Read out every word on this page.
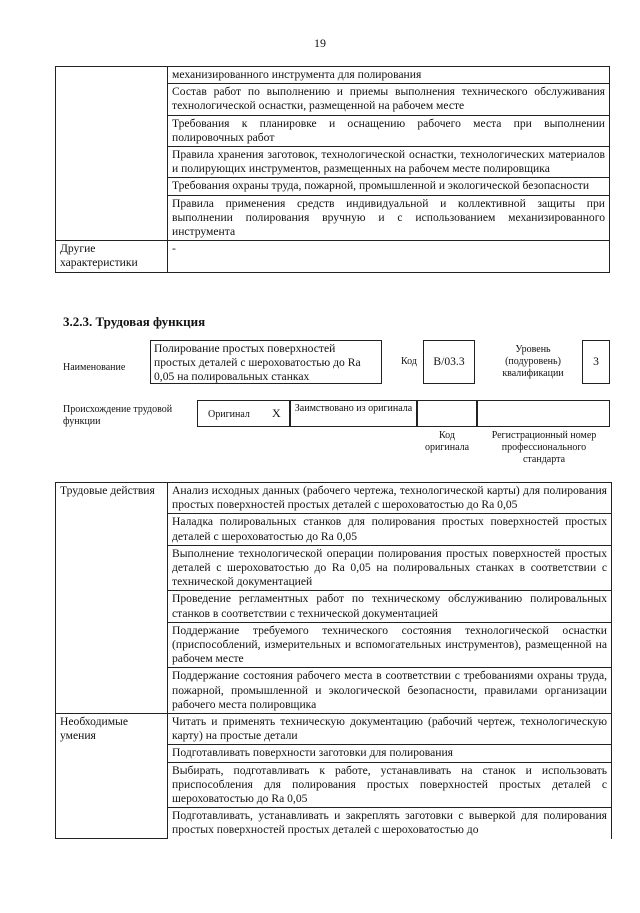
19
	механизированного инструмента для полирования
	Состав работ по выполнению и приемы выполнения технического обслуживания технологической оснастки, размещенной на рабочем месте
	Требования к планировке и оснащению рабочего места при выполнении полировочных работ
	Правила хранения заготовок, технологической оснастки, технологических материалов и полирующих инструментов, размещенных на рабочем месте полировщика
	Требования охраны труда, пожарной, промышленной и экологической безопасности
	Правила применения средств индивидуальной и коллективной защиты при выполнении полирования вручную и с использованием механизированного инструмента
Другие характеристики	-
3.2.3. Трудовая функция
Наименование
Полирование простых поверхностей простых деталей с шероховатостью до Ra 0,05 на полировальных станках
Код	В/03.3
Уровень (подуровень) квалификации
3
Происхождение трудовой функции
Оригинал X	Заимствовано из оригинала
Код оригинала
Регистрационный номер профессионального стандарта
Трудовые действия	Анализ исходных данных (рабочего чертежа, технологической карты) для полирования простых поверхностей простых деталей с шероховатостью до Ra 0,05
	Наладка полировальных станков для полирования простых поверхностей простых деталей с шероховатостью до Ra 0,05
	Выполнение технологической операции полирования простых поверхностей простых деталей с шероховатостью до Ra 0,05 на полировальных станках в соответствии с технической документацией
	Проведение регламентных работ по техническому обслуживанию полировальных станков в соответствии с технической документацией
	Поддержание требуемого технического состояния технологической оснастки (приспособлений, измерительных и вспомогательных инструментов), размещенной на рабочем месте
	Поддержание состояния рабочего места в соответствии с требованиями охраны труда, пожарной, промышленной и экологической безопасности, правилами организации рабочего места полировщика
Необходимые умения	Читать и применять техническую документацию (рабочий чертеж, технологическую карту) на простые детали
	Подготавливать поверхности заготовки для полирования
	Выбирать, подготавливать к работе, устанавливать на станок и использовать приспособления для полирования простых поверхностей простых деталей с шероховатостью до Ra 0,05
	Подготавливать, устанавливать и закреплять заготовки с выверкой для полирования простых поверхностей простых деталей с шероховатостью до
